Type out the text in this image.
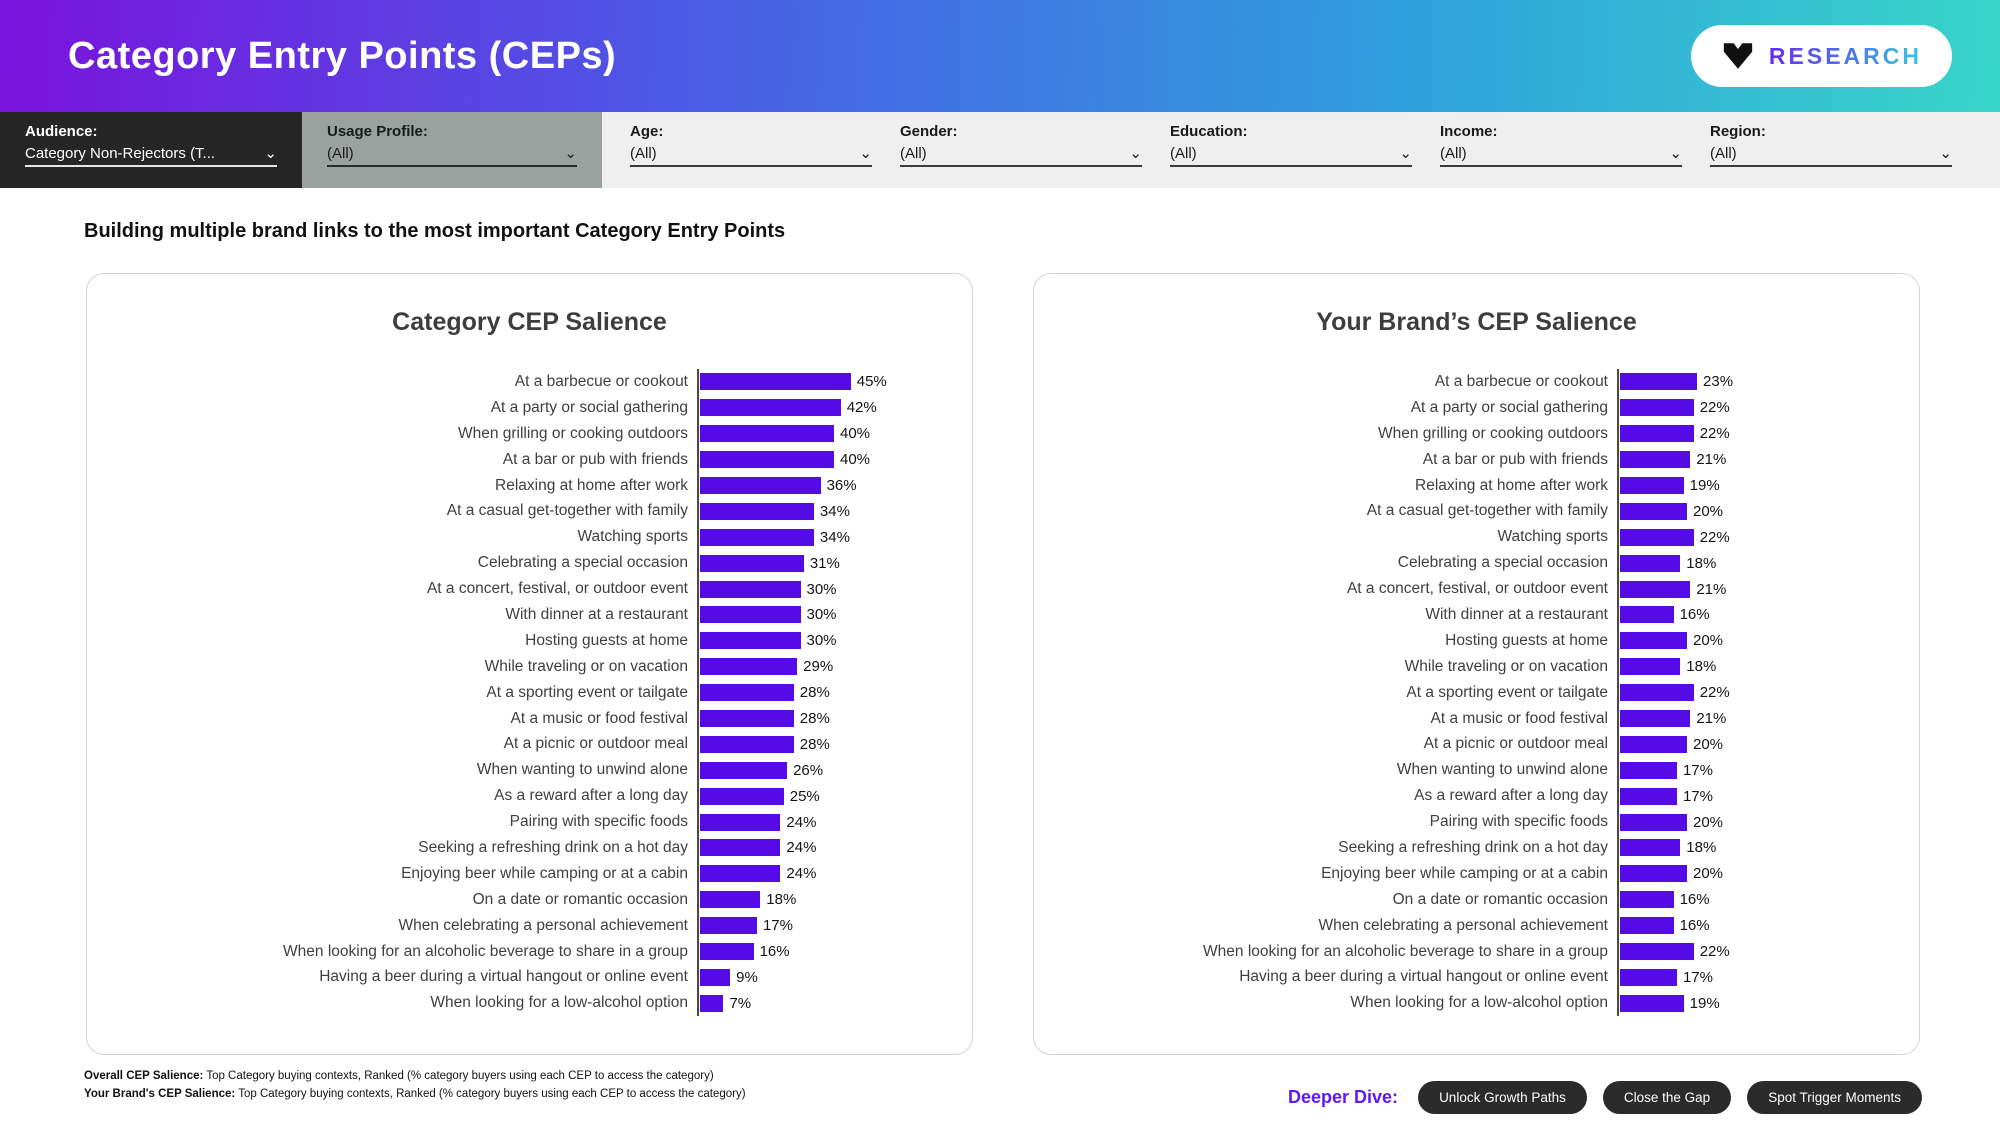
Category Entry Points (CEPs)	RESEARCH
Audience:
Category Non-Rejectors (T...	⌄
Usage Profile:
(All)	⌄
Age:
(All)	⌄
Gender:
(All)	⌄
Education:
(All)	⌄
Income:
(All)	⌄
Region:
(All)	⌄
Building multiple brand links to the most important Category Entry Points
Category CEP Salience
At a barbecue or cookout	45%
At a party or social gathering	42%
When grilling or cooking outdoors	40%
At a bar or pub with friends	40%
Relaxing at home after work	36%
At a casual get-together with family	34%
Watching sports	34%
Celebrating a special occasion	31%
At a concert, festival, or outdoor event	30%
With dinner at a restaurant	30%
Hosting guests at home	30%
While traveling or on vacation	29%
At a sporting event or tailgate	28%
At a music or food festival	28%
At a picnic or outdoor meal	28%
When wanting to unwind alone	26%
As a reward after a long day	25%
Pairing with specific foods	24%
Seeking a refreshing drink on a hot day	24%
Enjoying beer while camping or at a cabin	24%
On a date or romantic occasion	18%
When celebrating a personal achievement	17%
When looking for an alcoholic beverage to share in a group	16%
Having a beer during a virtual hangout or online event	9%
When looking for a low-alcohol option	7%
Your Brand’s CEP Salience
At a barbecue or cookout	23%
At a party or social gathering	22%
When grilling or cooking outdoors	22%
At a bar or pub with friends	21%
Relaxing at home after work	19%
At a casual get-together with family	20%
Watching sports	22%
Celebrating a special occasion	18%
At a concert, festival, or outdoor event	21%
With dinner at a restaurant	16%
Hosting guests at home	20%
While traveling or on vacation	18%
At a sporting event or tailgate	22%
At a music or food festival	21%
At a picnic or outdoor meal	20%
When wanting to unwind alone	17%
As a reward after a long day	17%
Pairing with specific foods	20%
Seeking a refreshing drink on a hot day	18%
Enjoying beer while camping or at a cabin	20%
On a date or romantic occasion	16%
When celebrating a personal achievement	16%
When looking for an alcoholic beverage to share in a group	22%
Having a beer during a virtual hangout or online event	17%
When looking for a low-alcohol option	19%
Overall CEP Salience: Top Category buying contexts, Ranked (% category buyers using each CEP to access the category)
Your Brand's CEP Salience: Top Category buying contexts, Ranked (% category buyers using each CEP to access the category)	Deeper Dive:	Unlock Growth Paths	Close the Gap	Spot Trigger Moments
